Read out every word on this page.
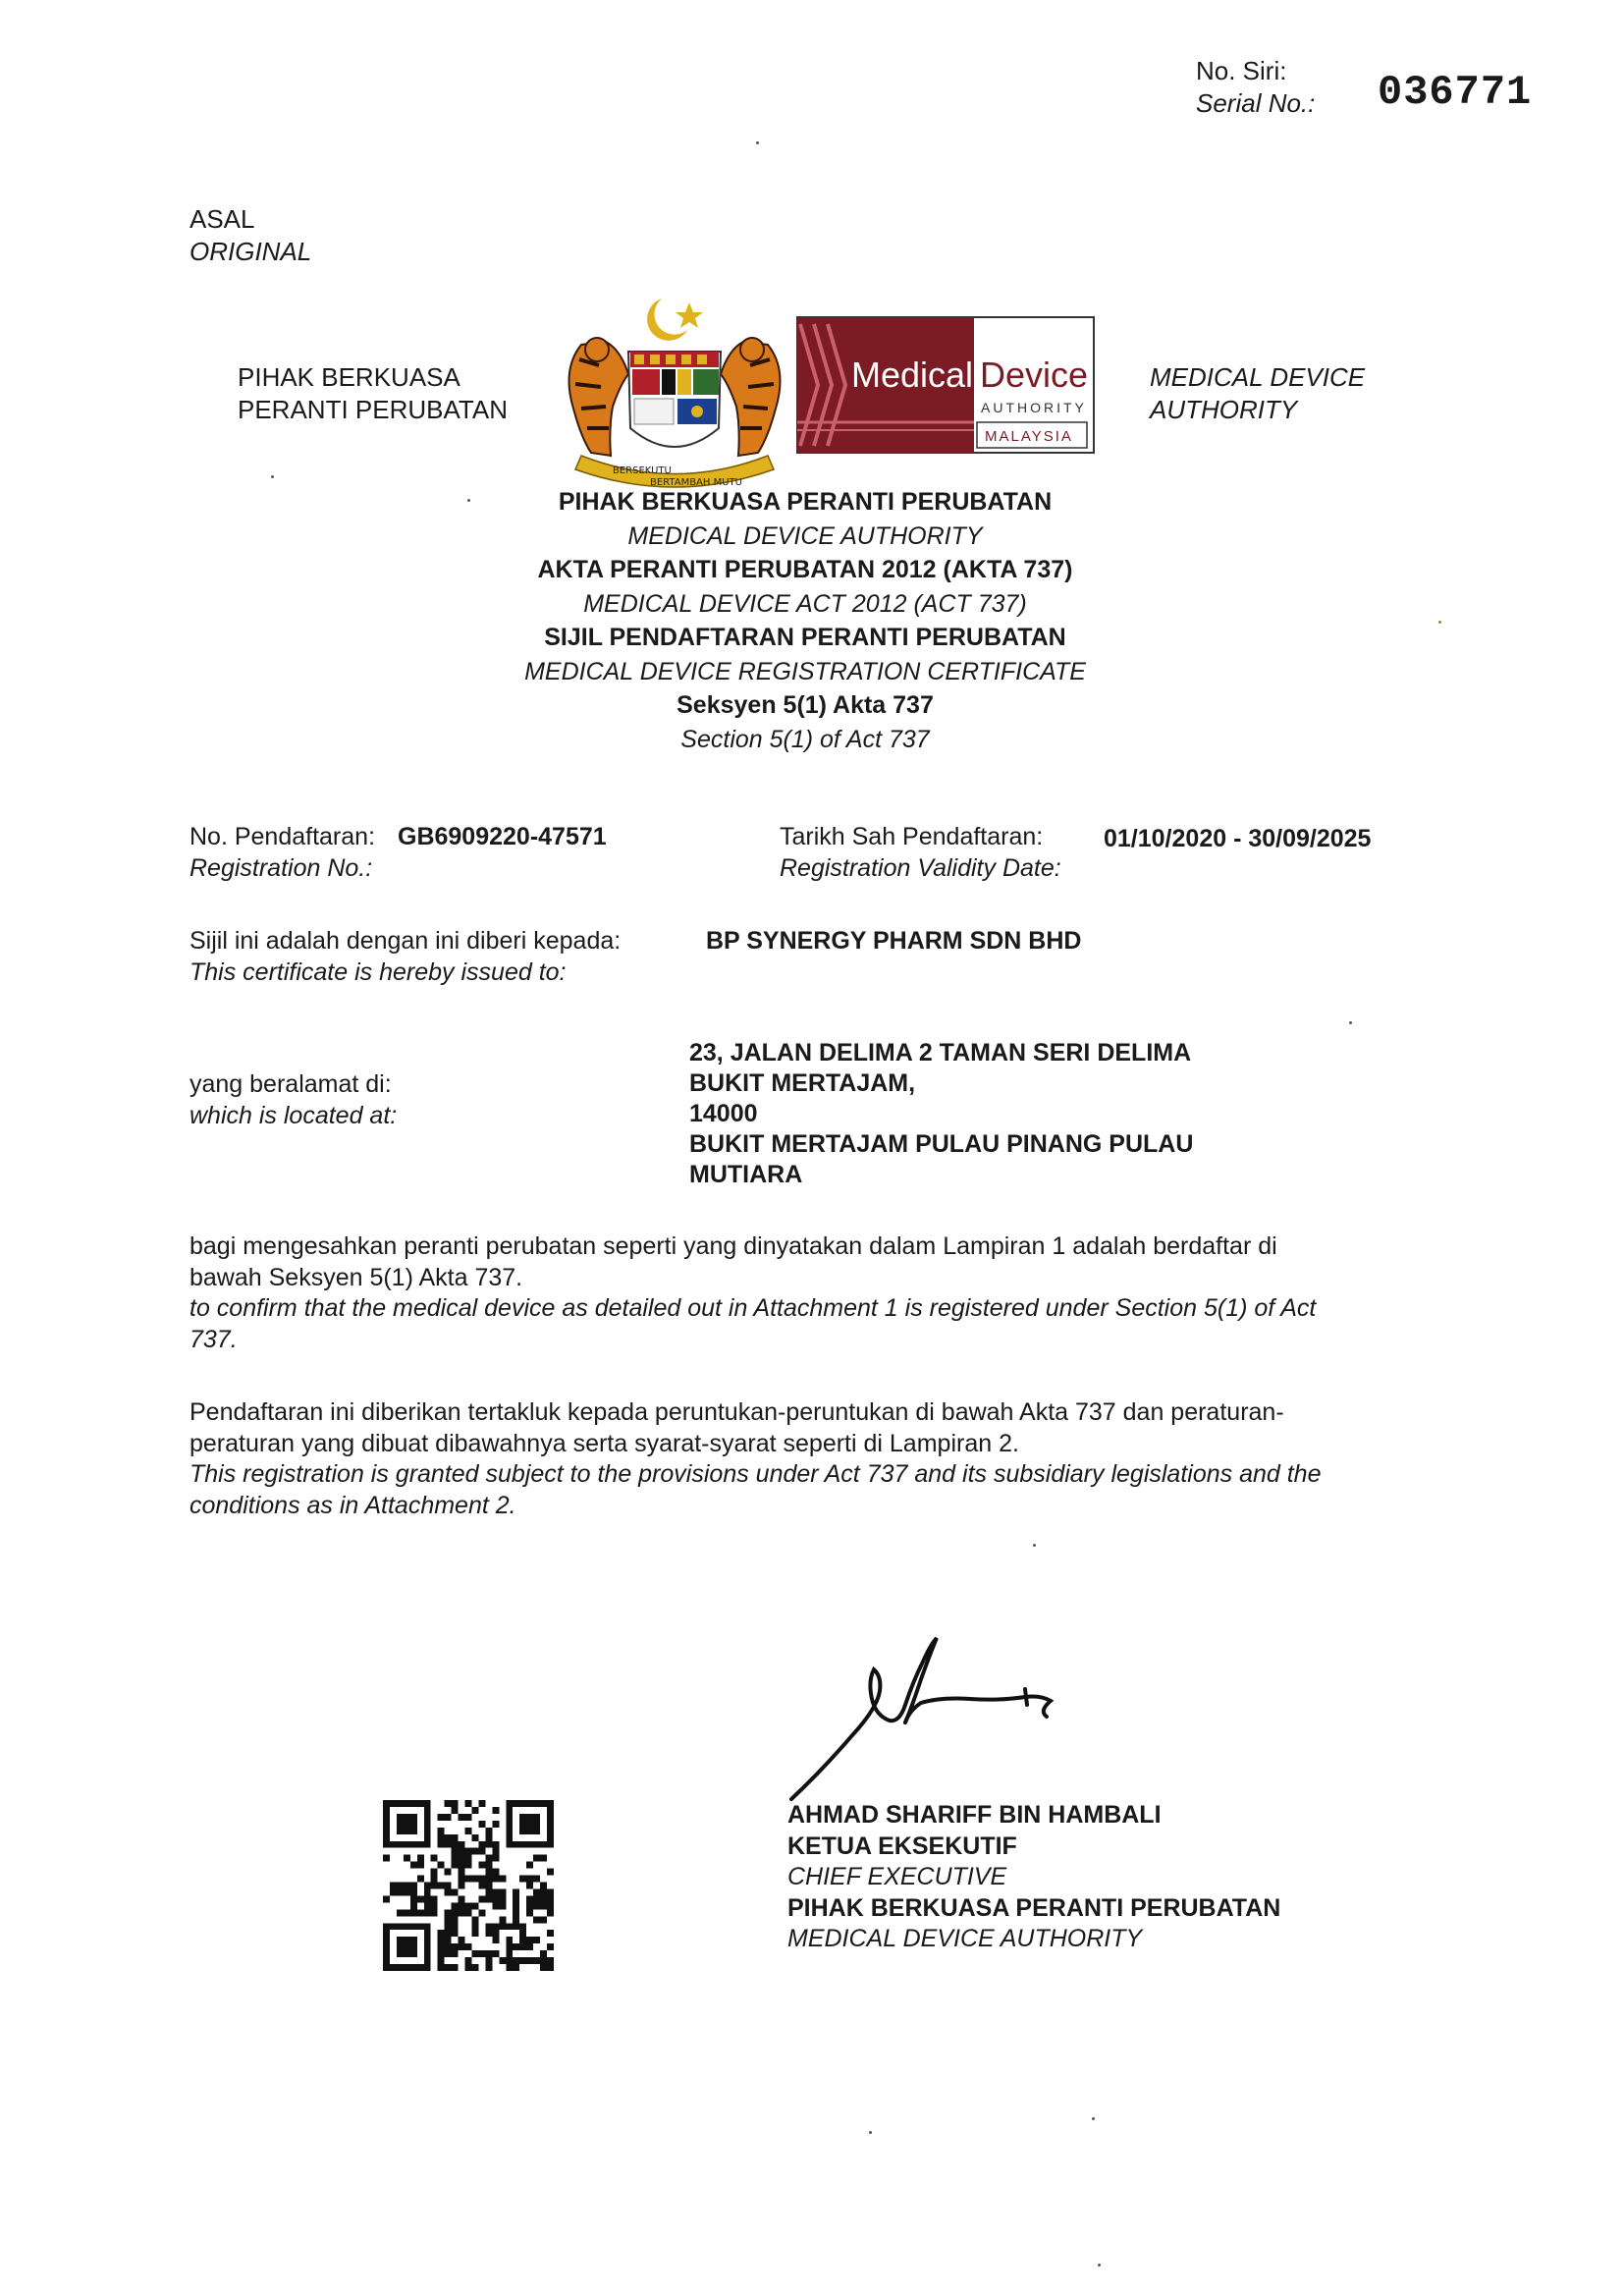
No. Siri:
Serial No.: 036771
ASAL
ORIGINAL
PIHAK BERKUASA
PERANTI PERUBATAN
BERSEKUTU
BERTAMBAH MUTU
Medical Device
AUTHORITY
MALAYSIA
MEDICAL DEVICE
AUTHORITY
PIHAK BERKUASA PERANTI PERUBATAN
MEDICAL DEVICE AUTHORITY
AKTA PERANTI PERUBATAN 2012 (AKTA 737)
MEDICAL DEVICE ACT 2012 (ACT 737)
SIJIL PENDAFTARAN PERANTI PERUBATAN
MEDICAL DEVICE REGISTRATION CERTIFICATE
Seksyen 5(1) Akta 737
Section 5(1) of Act 737
No. Pendaftaran:
Registration No.:
GB6909220-47571	Tarikh Sah Pendaftaran:
Registration Validity Date:
01/10/2020 - 30/09/2025
Sijil ini adalah dengan ini diberi kepada:
This certificate is hereby issued to:
BP SYNERGY PHARM SDN BHD
yang beralamat di:
which is located at:
23, JALAN DELIMA 2 TAMAN SERI DELIMA
BUKIT MERTAJAM,
14000
BUKIT MERTAJAM PULAU PINANG PULAU
MUTIARA
bagi mengesahkan peranti perubatan seperti yang dinyatakan dalam Lampiran 1 adalah berdaftar di
bawah Seksyen 5(1) Akta 737.
to confirm that the medical device as detailed out in Attachment 1 is registered under Section 5(1) of Act
737.
Pendaftaran ini diberikan tertakluk kepada peruntukan-peruntukan di bawah Akta 737 dan peraturan-
peraturan yang dibuat dibawahnya serta syarat-syarat seperti di Lampiran 2.
This registration is granted subject to the provisions under Act 737 and its subsidiary legislations and the
conditions as in Attachment 2.
AHMAD SHARIFF BIN HAMBALI
KETUA EKSEKUTIF
CHIEF EXECUTIVE
PIHAK BERKUASA PERANTI PERUBATAN
MEDICAL DEVICE AUTHORITY
